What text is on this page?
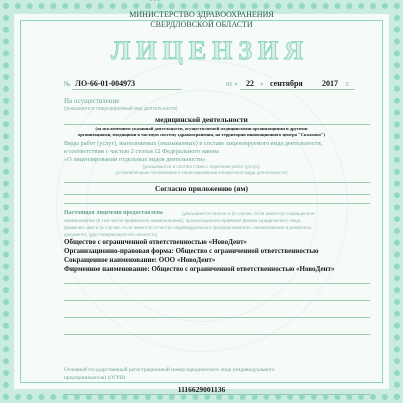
• • •
МИНИСТЕРСТВО ЗДРАВООХРАНЕНИЯ
СВЕРДЛОВСКОЙ ОБЛАСТИ
ЛИЦЕНЗИЯ
№ ЛО-66-01-004973	от « 22 » сентября 2017 г.
На осуществление
(указывается лицензируемый вид деятельности)
медицинской деятельности
(за исключением указанной деятельности, осуществляемой медицинскими организациями и другими
организациями, входящими в частную систему здравоохранения, на территории инновационного центра "Сколково")
Виды работ (услуг), выполняемых (оказываемых) в составе лицензируемого вида деятельности,
в соответствии с частью 2 статьи 12 Федерального закона
«О лицензировании отдельных видов деятельности»
(указываются в соответствии с перечнем работ (услуг),
установленным положением о лицензировании конкретного вида деятельности)
Согласно приложению (ям)
Настоящая лицензия предоставлена	(указывается полное и (в случае, если имеется) сокращенное
наименование (в том числе фирменное наименование), организационно-правовая форма юридического лица,
фамилия, имя и (в случае, если имеется) отчество индивидуального предпринимателя, наименование и реквизиты
документа, удостоверяющего его личность)
Общество с ограниченной ответственностью «НовоДент»
Организационно-правовая форма: Общество с ограниченной ответственностью
Сокращенное наименование: ООО «НовоДент»
Фирменное наименование: Общество с ограниченной ответственностью «НовоДент»
Основной государственный регистрационный номер юридического лица (индивидуального
предпринимателя) (ОГРН)
1116629001136
